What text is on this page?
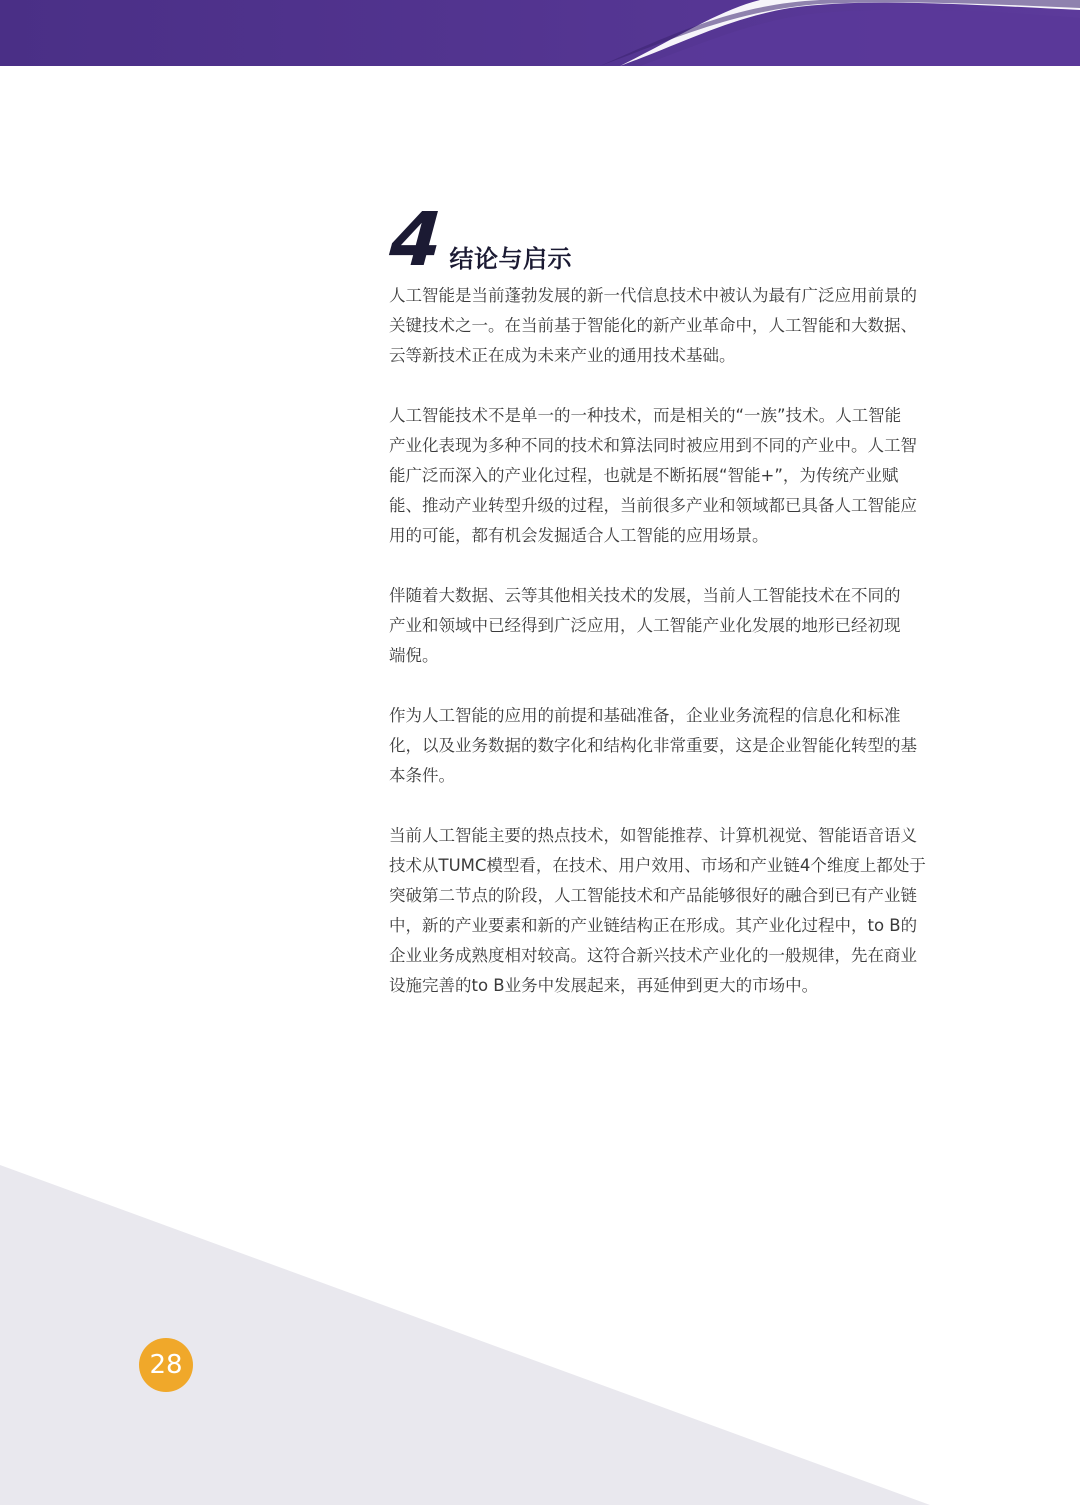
4 结论与启示
人工智能是当前蓬勃发展的新一代信息技术中被认为最有广泛应用前景的
关键技术之一。在当前基于智能化的新产业革命中，人工智能和大数据、
云等新技术正在成为未来产业的通用技术基础。
人工智能技术不是单一的一种技术，而是相关的“一族”技术。人工智能
产业化表现为多种不同的技术和算法同时被应用到不同的产业中。人工智
能广泛而深入的产业化过程，也就是不断拓展“智能+”，为传统产业赋
能、推动产业转型升级的过程，当前很多产业和领域都已具备人工智能应
用的可能，都有机会发掘适合人工智能的应用场景。
伴随着大数据、云等其他相关技术的发展，当前人工智能技术在不同的
产业和领域中已经得到广泛应用，人工智能产业化发展的地形已经初现
端倪。
作为人工智能的应用的前提和基础准备，企业业务流程的信息化和标准
化，以及业务数据的数字化和结构化非常重要，这是企业智能化转型的基
本条件。
当前人工智能主要的热点技术，如智能推荐、计算机视觉、智能语音语义
技术从TUMC模型看，在技术、用户效用、市场和产业链4个维度上都处于
突破第二节点的阶段，人工智能技术和产品能够很好的融合到已有产业链
中，新的产业要素和新的产业链结构正在形成。其产业化过程中，to B的
企业业务成熟度相对较高。这符合新兴技术产业化的一般规律，先在商业
设施完善的to B业务中发展起来，再延伸到更大的市场中。
28
